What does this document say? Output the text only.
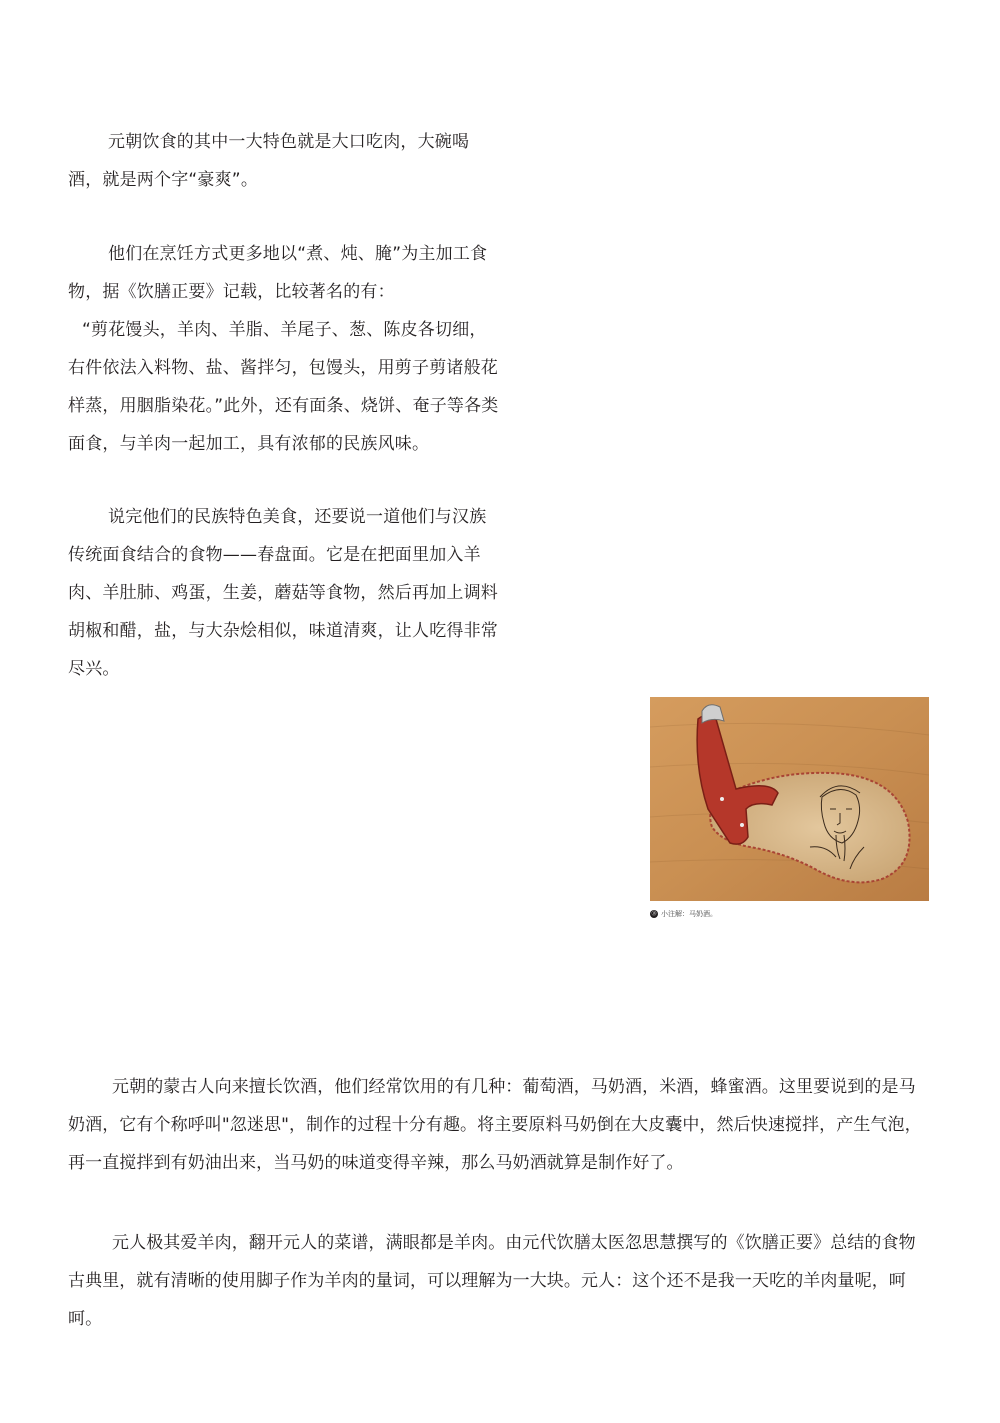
元朝饮食的其中一大特色就是大口吃肉，大碗喝酒，就是两个字“豪爽”。

他们在烹饪方式更多地以“煮、炖、腌”为主加工食物，据《饮膳正要》记载，比较著名的有：

“剪花馒头，羊肉、羊脂、羊尾子、葱、陈皮各切细，右件依法入料物、盐、酱拌匀，包馒头，用剪子剪诸般花样蒸，用胭脂染花。”此外，还有面条、烧饼、奄子等各类面食，与羊肉一起加工，具有浓郁的民族风味。

说完他们的民族特色美食，还要说一道他们与汉族传统面食结合的食物——春盘面。它是在把面里加入羊肉、羊肚肺、鸡蛋，生姜，蘑菇等食物，然后再加上调料胡椒和醋，盐，与大杂烩相似，味道清爽，让人吃得非常尽兴。

⑱ 小注解：马奶酒。

元朝的蒙古人向来擅长饮酒，他们经常饮用的有几种：葡萄酒，马奶酒，米酒，蜂蜜酒。这里要说到的是马奶酒，它有个称呼叫"忽迷思"，制作的过程十分有趣。将主要原料马奶倒在大皮囊中，然后快速搅拌，产生气泡，再一直搅拌到有奶油出来，当马奶的味道变得辛辣，那么马奶酒就算是制作好了。

元人极其爱羊肉，翻开元人的菜谱，满眼都是羊肉。由元代饮膳太医忽思慧撰写的《饮膳正要》总结的食物古典里，就有清晰的使用脚子作为羊肉的量词，可以理解为一大块。元人：这个还不是我一天吃的羊肉量呢，呵呵。
